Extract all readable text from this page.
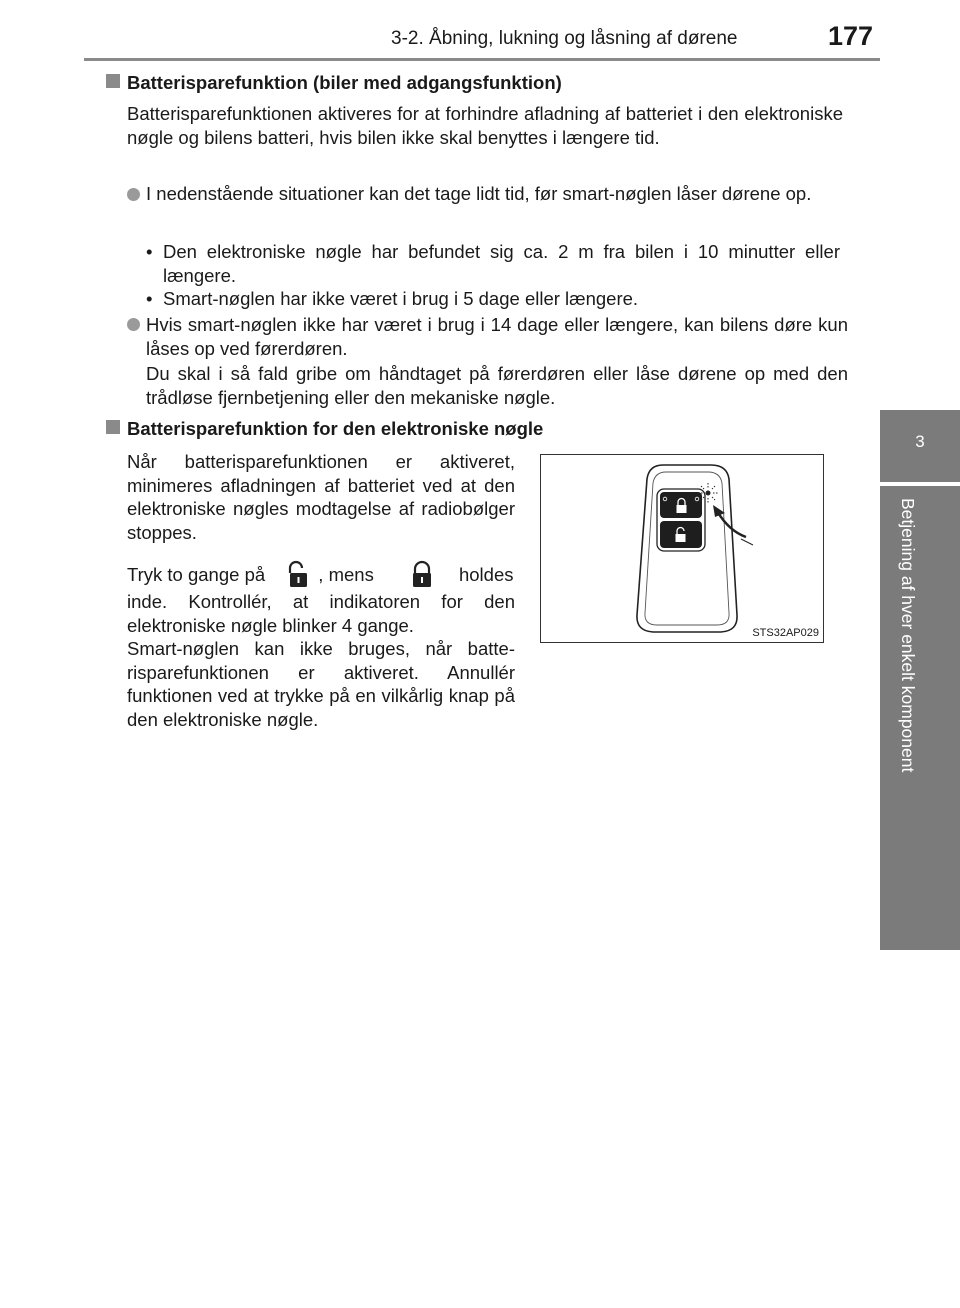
3-2. Åbning, lukning og låsning af dørene	177
3
Betjening af hver enkelt komponent
Batterisparefunktion (biler med adgangsfunktion)
Batterisparefunktionen aktiveres for at forhindre afladning af batteriet i den elektroniske nøgle og bilens batteri, hvis bilen ikke skal benyttes i længere tid.
I nedenstående situationer kan det tage lidt tid, før smart-nøglen låser dørene op.
• Den elektroniske nøgle har befundet sig ca. 2 m fra bilen i 10 minutter eller længere.
• Smart-nøglen har ikke været i brug i 5 dage eller længere.
Hvis smart-nøglen ikke har været i brug i 14 dage eller længere, kan bilens døre kun låses op ved førerdøren.
Du skal i så fald gribe om håndtaget på førerdøren eller låse dørene op med den trådløse fjernbetjening eller den mekaniske nøgle.
Batterisparefunktion for den elektroniske nøgle
Når batterisparefunktionen er aktiveret, minimeres afladningen af batteriet ved at den elektroniske nøgles modtagelse af radiobølger stoppes.
Tryk to gange på	, mens	holdes
inde. Kontrollér, at indikatoren for den elektroniske nøgle blinker 4 gange.
Smart-nøglen kan ikke bruges, når batte-risparefunktionen er aktiveret. Annullér funktionen ved at trykke på en vilkårlig knap på den elektroniske nøgle.
STS32AP029
